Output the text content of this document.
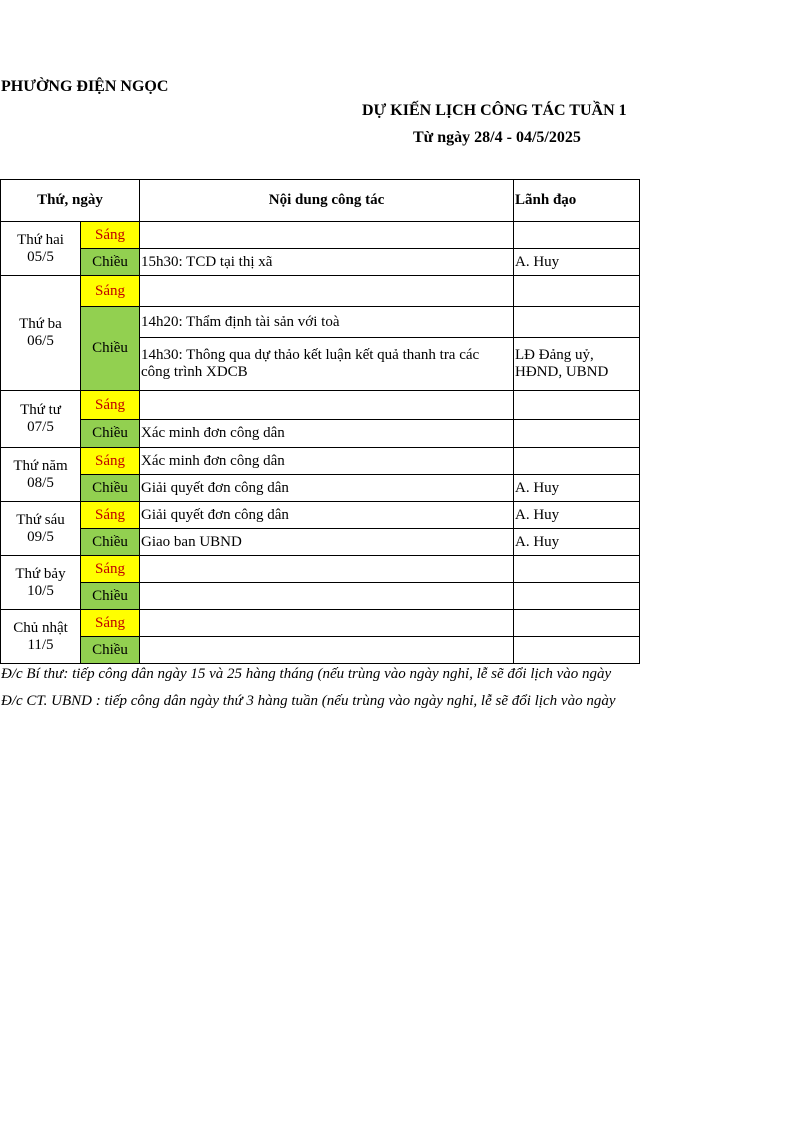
PHƯỜNG ĐIỆN NGỌC
DỰ KIẾN LỊCH CÔNG TÁC TUẦN 1
Từ ngày 28/4 - 04/5/2025
Thứ, ngày		Nội dung công tác	Lãnh đạo
Thứ hai
05/5	Sáng		
	Chiều	15h30: TCD tại thị xã	A. Huy
Thứ ba
06/5	Sáng		
	Chiều	14h20: Thẩm định tài sản với toà	
		14h30: Thông qua dự thảo kết luận kết quả thanh tra các công trình XDCB	LĐ Đảng uỷ, HĐND, UBND
Thứ tư
07/5	Sáng		
	Chiều	Xác minh đơn công dân	
Thứ năm
08/5	Sáng	Xác minh đơn công dân	
	Chiều	Giải quyết đơn công dân	A. Huy
Thứ sáu
09/5	Sáng	Giải quyết đơn công dân	A. Huy
	Chiều	Giao ban UBND	A. Huy
Thứ bảy
10/5	Sáng		
	Chiều		
Chủ nhật
11/5	Sáng		
	Chiều		
Đ/c Bí thư: tiếp công dân ngày 15 và 25 hàng tháng (nếu trùng vào ngày nghỉ, lễ sẽ đổi lịch vào ngày
Đ/c CT. UBND : tiếp công dân ngày thứ 3 hàng tuần (nếu trùng vào ngày nghỉ, lễ sẽ đổi lịch vào ngày
